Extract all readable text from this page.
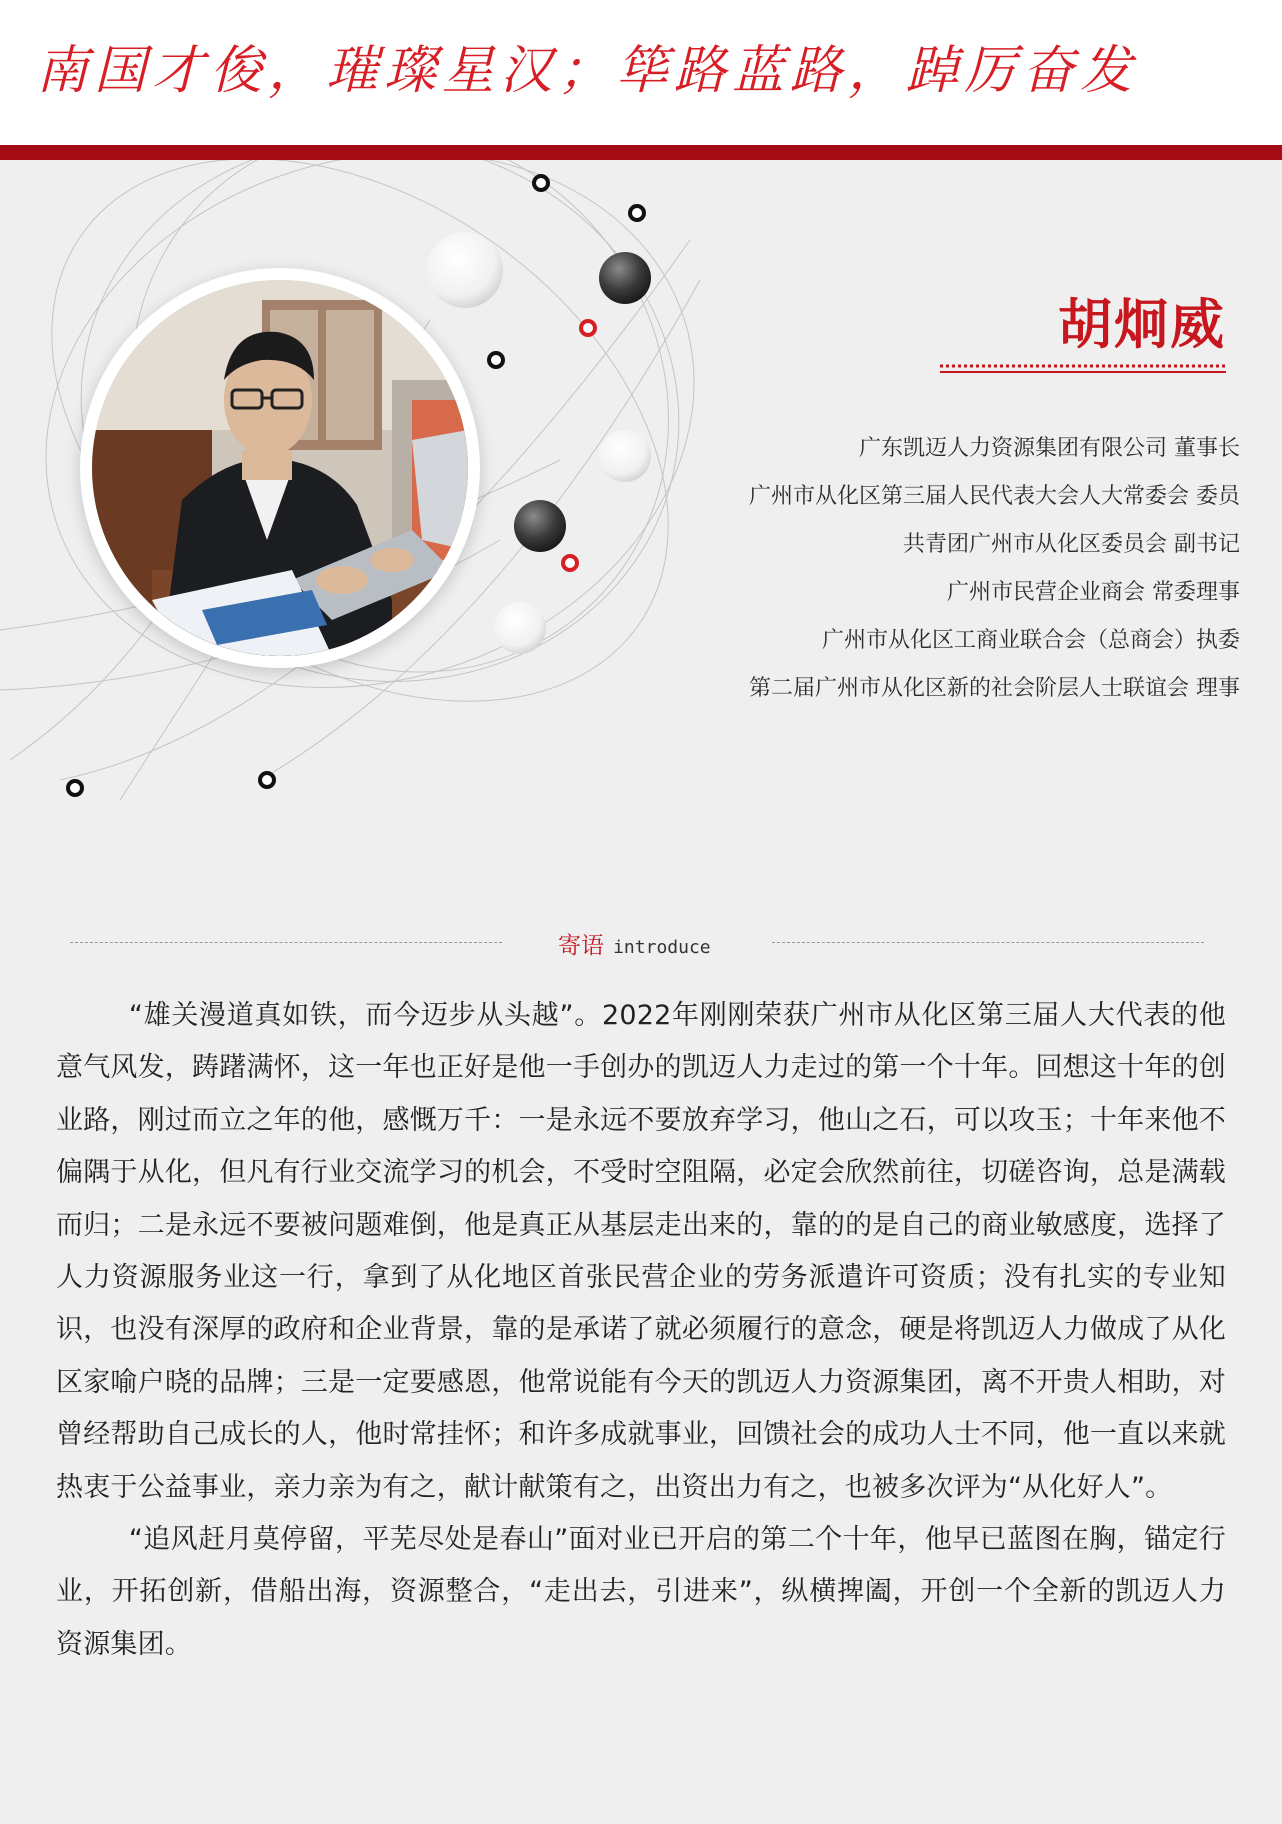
南国才俊，璀璨星汉；筚路蓝路，踔厉奋发
胡炯威
广东凯迈人力资源集团有限公司 董事长
广州市从化区第三届人民代表大会人大常委会 委员
共青团广州市从化区委员会 副书记
广州市民营企业商会 常委理事
广州市从化区工商业联合会（总商会）执委
第二届广州市从化区新的社会阶层人士联谊会 理事
寄语 introduce

“雄关漫道真如铁，而今迈步从头越”。2022年刚刚荣获广州市从化区第三届人大代表的他意气风发，踌躇满怀，这一年也正好是他一手创办的凯迈人力走过的第一个十年。回想这十年的创业路，刚过而立之年的他，感慨万千：一是永远不要放弃学习，他山之石，可以攻玉；十年来他不偏隅于从化，但凡有行业交流学习的机会，不受时空阻隔，必定会欣然前往，切磋咨询，总是满载而归；二是永远不要被问题难倒，他是真正从基层走出来的，靠的的是自己的商业敏感度，选择了人力资源服务业这一行，拿到了从化地区首张民营企业的劳务派遣许可资质；没有扎实的专业知识，也没有深厚的政府和企业背景，靠的是承诺了就必须履行的意念，硬是将凯迈人力做成了从化区家喻户晓的品牌；三是一定要感恩，他常说能有今天的凯迈人力资源集团，离不开贵人相助，对曾经帮助自己成长的人，他时常挂怀；和许多成就事业，回馈社会的成功人士不同，他一直以来就热衷于公益事业，亲力亲为有之，献计献策有之，出资出力有之，也被多次评为“从化好人”。

“追风赶月莫停留，平芜尽处是春山”面对业已开启的第二个十年，他早已蓝图在胸，锚定行业，开拓创新，借船出海，资源整合，“走出去，引进来”，纵横捭阖，开创一个全新的凯迈人力资源集团。
